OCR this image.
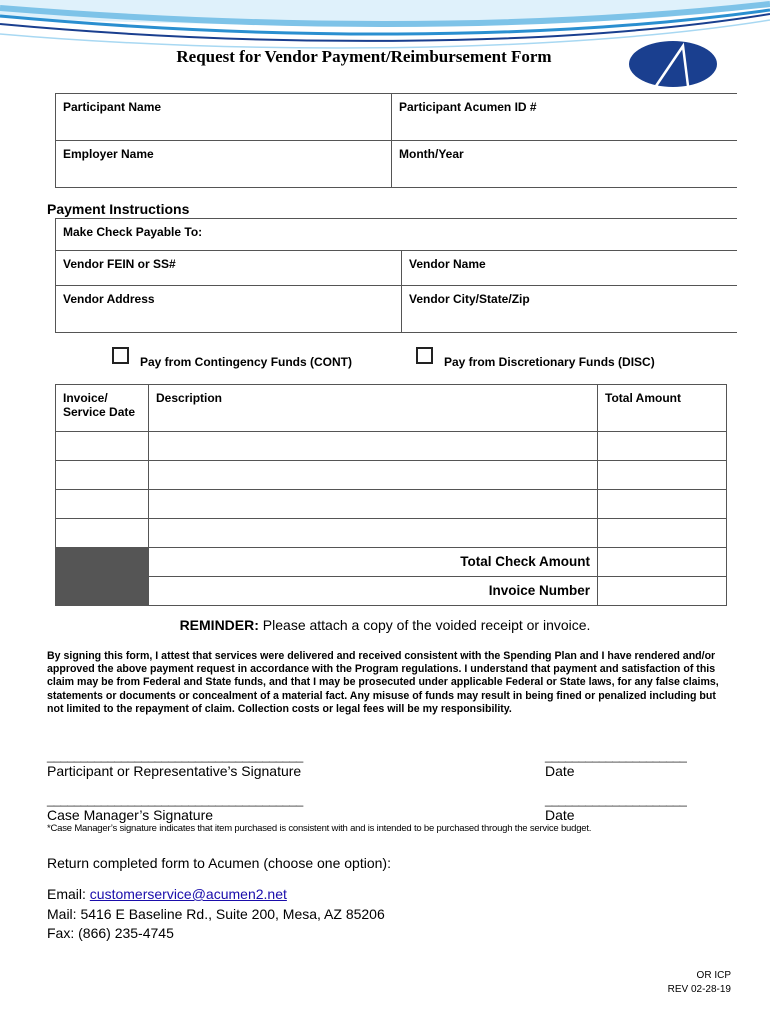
Request for Vendor Payment/Reimbursement Form
Participant Name	Participant Acumen ID #
Employer Name	Month/Year
Payment Instructions
Make Check Payable To:	
Vendor FEIN or SS#	Vendor Name
Vendor Address	Vendor City/State/Zip
Pay from Contingency Funds (CONT)	Pay from Discretionary Funds (DISC)
Invoice/ Service Date	Description	Total Amount

	Total Check Amount	
	Invoice Number	
REMINDER: Please attach a copy of the voided receipt or invoice.
By signing this form, I attest that services were delivered and received consistent with the Spending Plan and I have rendered and/or approved the above payment request in accordance with the Program regulations. I understand that payment and satisfaction of this claim may be from Federal and State funds, and that I may be prosecuted under applicable Federal or State laws, for any false claims, statements or documents or concealment of a material fact. Any misuse of funds may result in being fined or penalized including but not limited to the repayment of claim. Collection costs or legal fees will be my responsibility.
______________________________________	_____________________
Participant or Representative’s Signature	Date
______________________________________	_____________________
Case Manager’s Signature	Date
*Case Manager’s signature indicates that item purchased is consistent with and is intended to be purchased through the service budget.
Return completed form to Acumen (choose one option):
Email: customerservice@acumen2.net
Mail: 5416 E Baseline Rd., Suite 200, Mesa, AZ 85206
Fax: (866) 235-4745
OR ICP
REV 02-28-19
